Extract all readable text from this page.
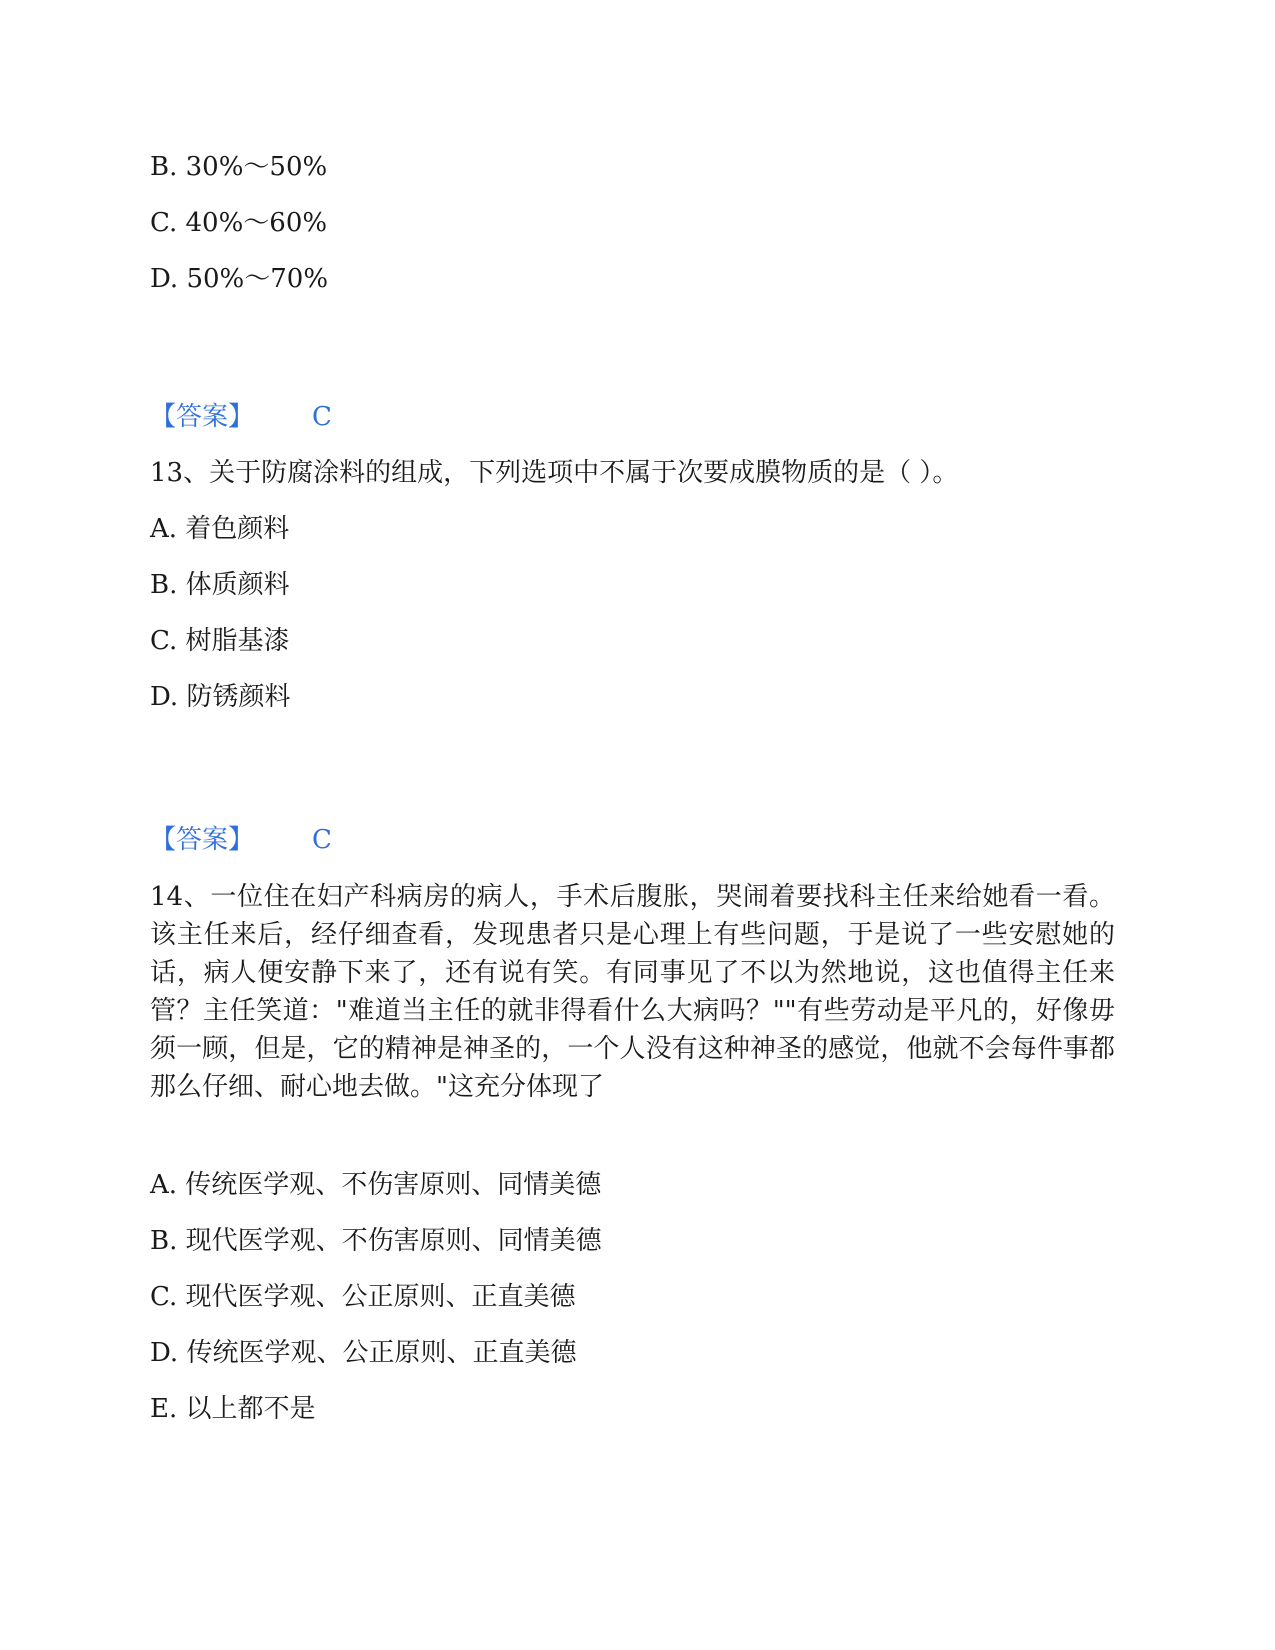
B. 30%～50%
C. 40%～60%
D. 50%～70%
【答案】 C
13、关于防腐涂料的组成，下列选项中不属于次要成膜物质的是（ ）。
A. 着色颜料
B. 体质颜料
C. 树脂基漆
D. 防锈颜料
【答案】 C
14、一位住在妇产科病房的病人，手术后腹胀，哭闹着要找科主任来给她看一看。该主任来后，经仔细查看，发现患者只是心理上有些问题，于是说了一些安慰她的话，病人便安静下来了，还有说有笑。有同事见了不以为然地说，这也值得主任来管？主任笑道："难道当主任的就非得看什么大病吗？""有些劳动是平凡的，好像毋须一顾，但是，它的精神是神圣的，一个人没有这种神圣的感觉，他就不会每件事都那么仔细、耐心地去做。"这充分体现了
A. 传统医学观、不伤害原则、同情美德
B. 现代医学观、不伤害原则、同情美德
C. 现代医学观、公正原则、正直美德
D. 传统医学观、公正原则、正直美德
E. 以上都不是
